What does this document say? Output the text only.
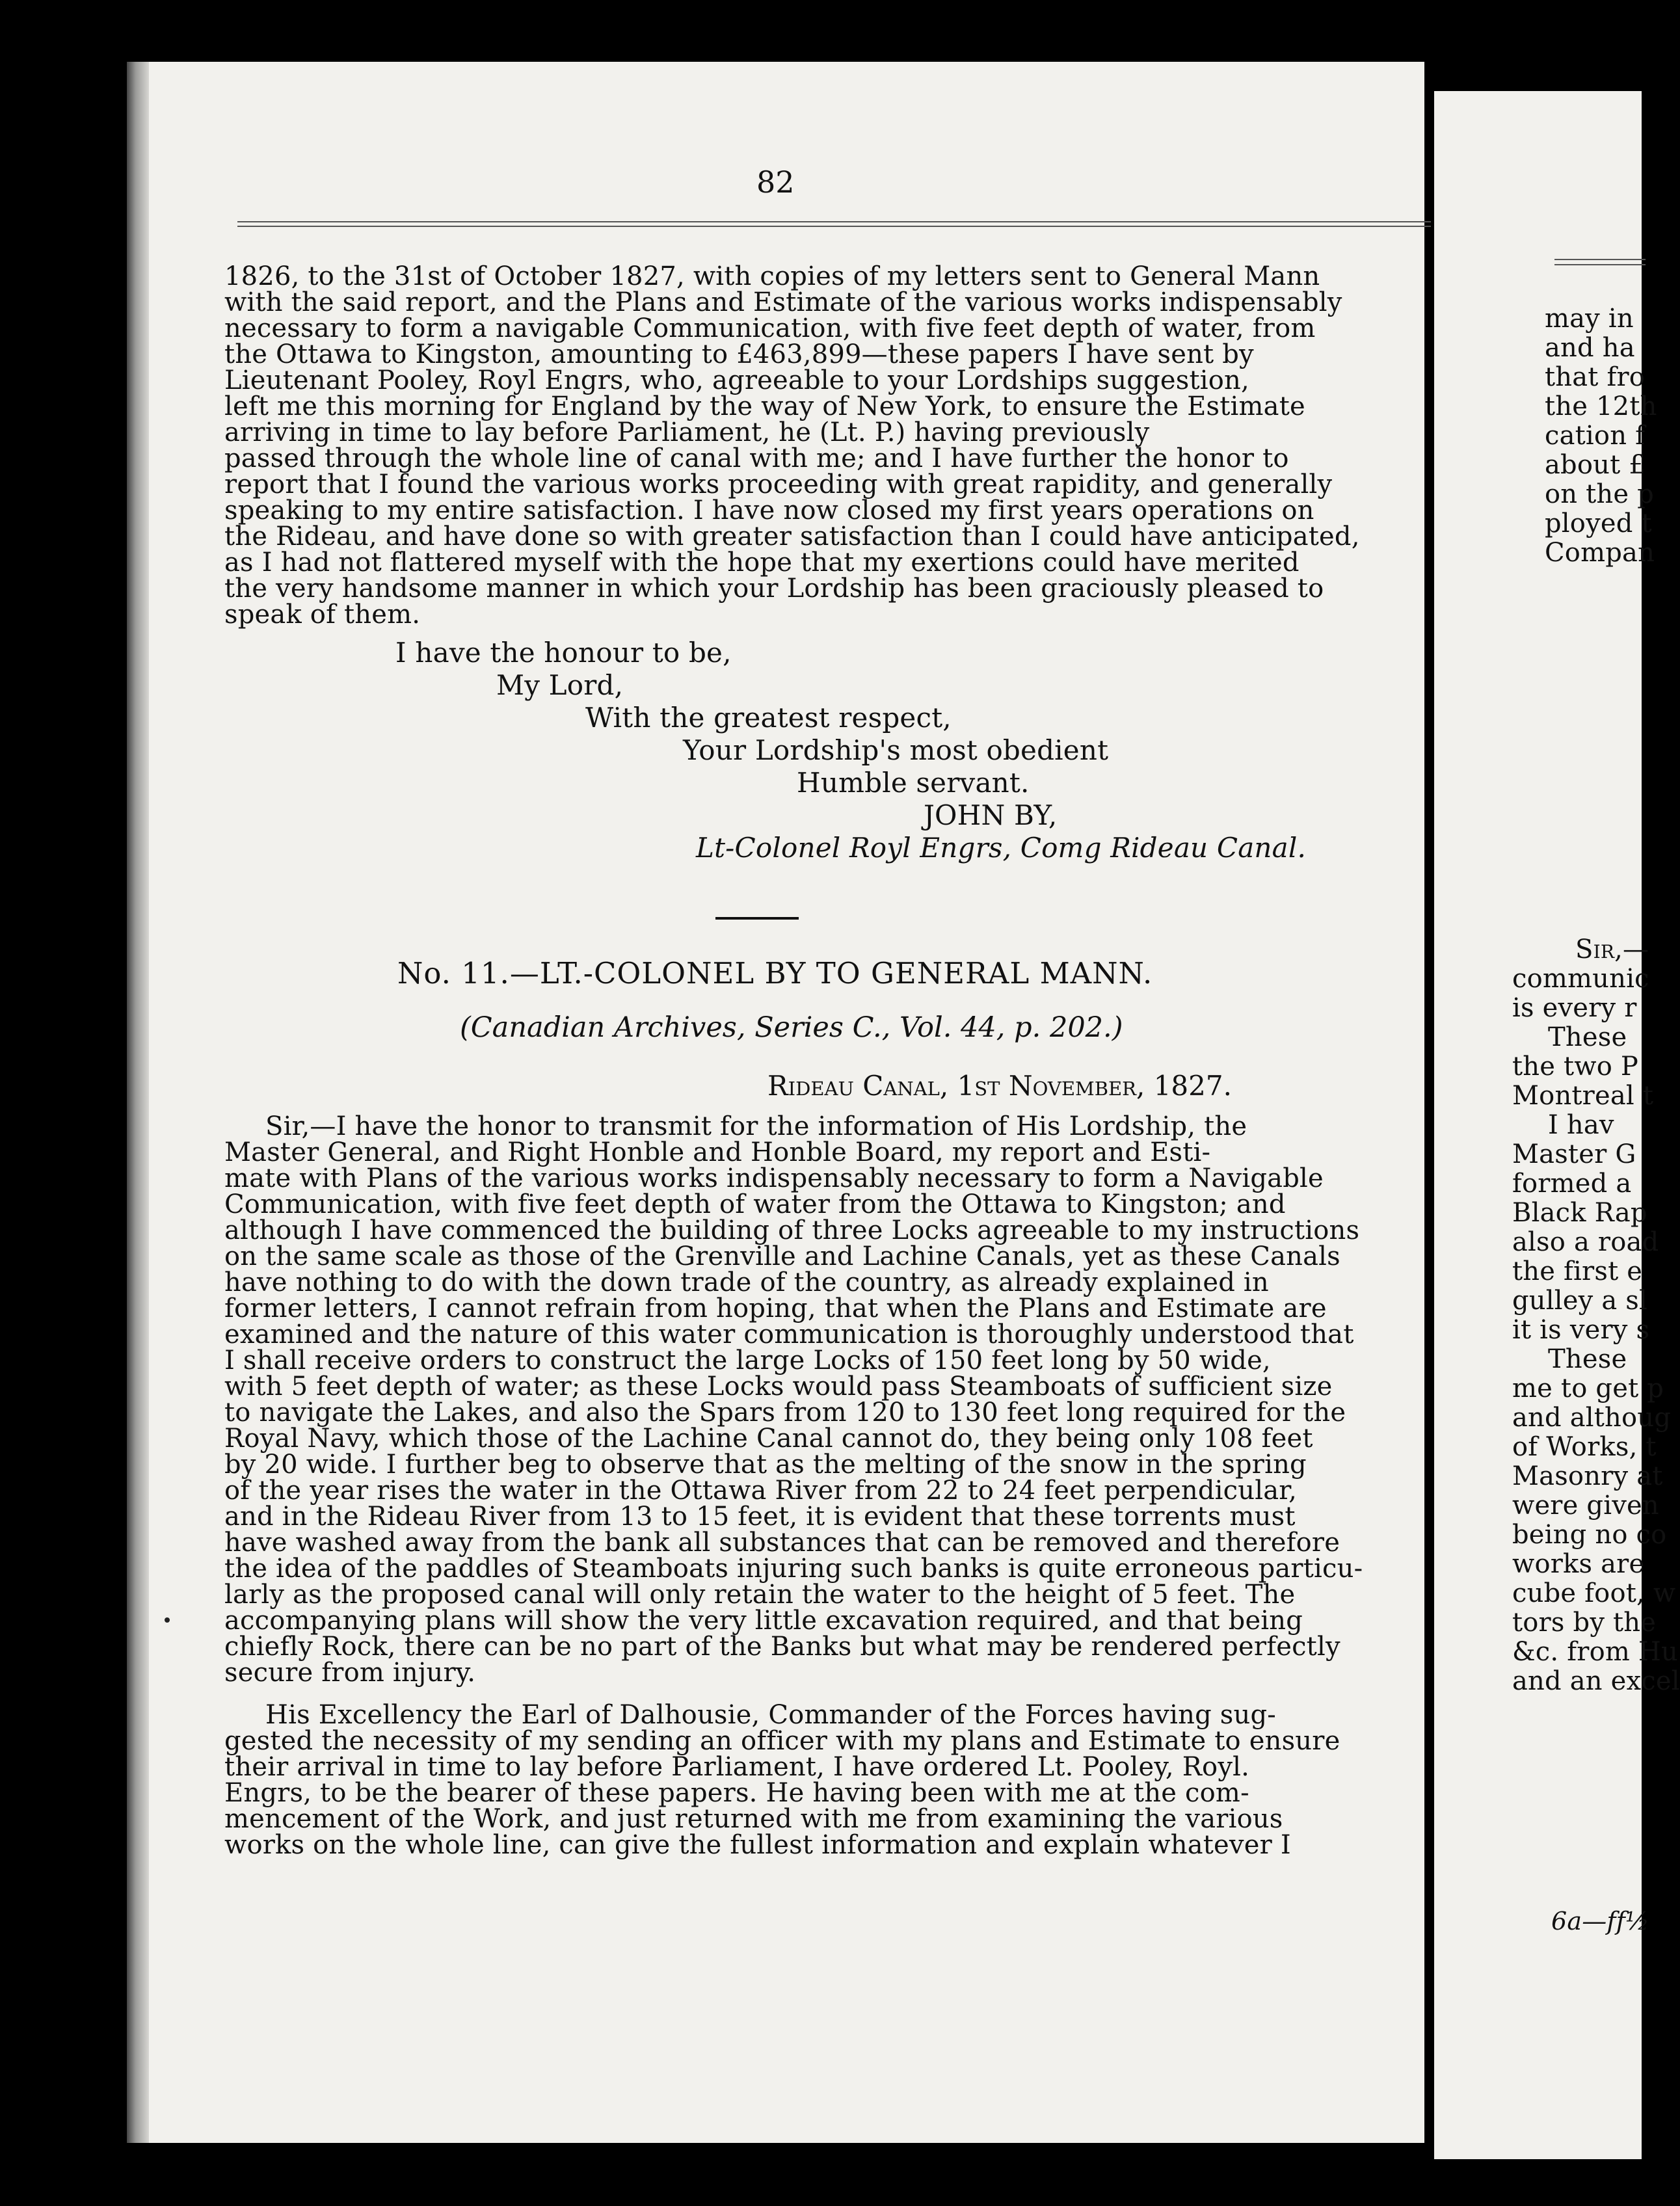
82
1826, to the 31st of October 1827, with copies of my letters sent to General Mann
with the said report, and the Plans and Estimate of the various works indispensably
necessary to form a navigable Communication, with five feet depth of water, from
the Ottawa to Kingston, amounting to £463,899—these papers I have sent by
Lieutenant Pooley, Royl Engrs, who, agreeable to your Lordships suggestion,
left me this morning for England by the way of New York, to ensure the Estimate
arriving in time to lay before Parliament, he (Lt. P.) having previously
passed through the whole line of canal with me; and I have further the honor to
report that I found the various works proceeding with great rapidity, and generally
speaking to my entire satisfaction. I have now closed my first years operations on
the Rideau, and have done so with greater satisfaction than I could have anticipated,
as I had not flattered myself with the hope that my exertions could have merited
the very handsome manner in which your Lordship has been graciously pleased to
speak of them.
I have the honour to be,
My Lord,
With the greatest respect,
Your Lordship's most obedient
Humble servant.
JOHN BY,
Lt-Colonel Royl Engrs, Comg Rideau Canal.
No. 11.—LT.-COLONEL BY TO GENERAL MANN.
(Canadian Archives, Series C., Vol. 44, p. 202.)
Rideau Canal, 1st November, 1827.
Sir,—I have the honor to transmit for the information of His Lordship, the
Master General, and Right Honble and Honble Board, my report and Esti-
mate with Plans of the various works indispensably necessary to form a Navigable
Communication, with five feet depth of water from the Ottawa to Kingston; and
although I have commenced the building of three Locks agreeable to my instructions
on the same scale as those of the Grenville and Lachine Canals, yet as these Canals
have nothing to do with the down trade of the country, as already explained in
former letters, I cannot refrain from hoping, that when the Plans and Estimate are
examined and the nature of this water communication is thoroughly understood that
I shall receive orders to construct the large Locks of 150 feet long by 50 wide,
with 5 feet depth of water; as these Locks would pass Steamboats of sufficient size
to navigate the Lakes, and also the Spars from 120 to 130 feet long required for the
Royal Navy, which those of the Lachine Canal cannot do, they being only 108 feet
by 20 wide. I further beg to observe that as the melting of the snow in the spring
of the year rises the water in the Ottawa River from 22 to 24 feet perpendicular,
and in the Rideau River from 13 to 15 feet, it is evident that these torrents must
have washed away from the bank all substances that can be removed and therefore
the idea of the paddles of Steamboats injuring such banks is quite erroneous particu-
larly as the proposed canal will only retain the water to the height of 5 feet. The
accompanying plans will show the very little excavation required, and that being
chiefly Rock, there can be no part of the Banks but what may be rendered perfectly
secure from injury.
His Excellency the Earl of Dalhousie, Commander of the Forces having sug-
gested the necessity of my sending an officer with my plans and Estimate to ensure
their arrival in time to lay before Parliament, I have ordered Lt. Pooley, Royl.
Engrs, to be the bearer of these papers. He having been with me at the com-
mencement of the Work, and just returned with me from examining the various
works on the whole line, can give the fullest information and explain whatever I
may in
and ha
that fro
the 12th
cation f
about £
on the p
ployed t
Compan
Sir,—
communic
is every r
These
the two P
Montreal t
I hav
Master G
formed a
Black Rap
also a road
the first e
gulley a sl
it is very s
These
me to get p
and althoug
of Works, t
Masonry at
were given
being no co
works are
cube foot, w
tors by the
&c. from Hu
and an excel
6a—ff½
